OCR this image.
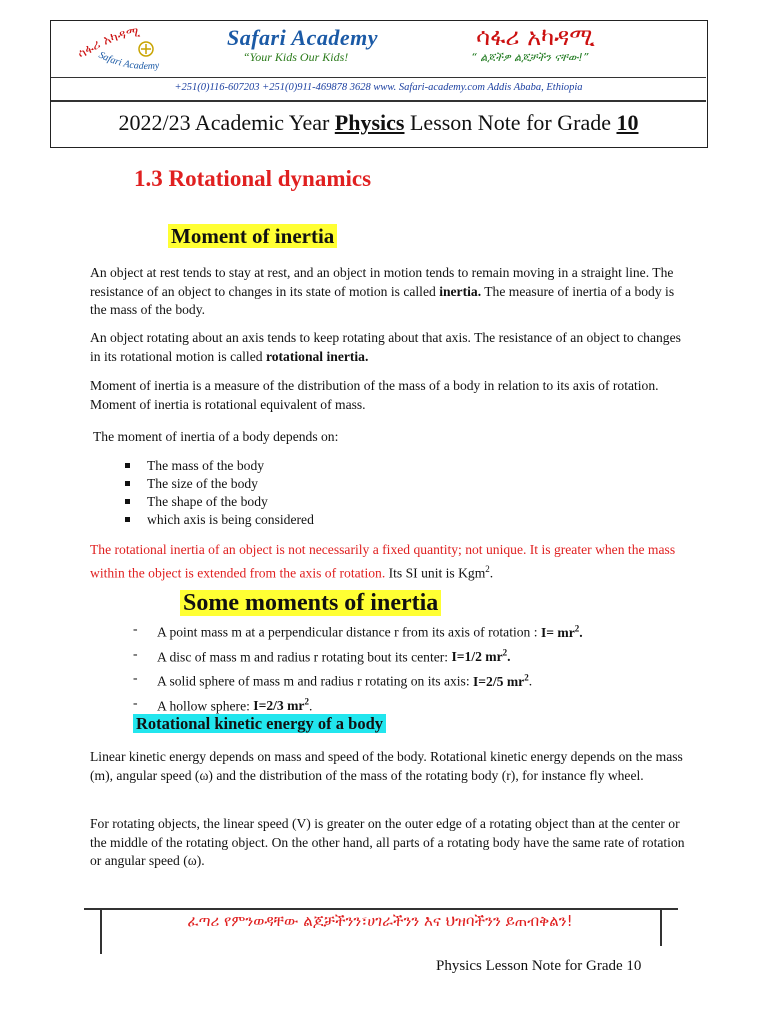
ሳፋሪ አካዳሚ
Safari Academy
Safari Academy
“Your Kids Our Kids!
ሳፋሪ አካዳሚ
“ ልጆችዎ ልጆቻችን ናቸው!”
+251(0)116-607203 +251(0)911-469878 3628 www. Safari-academy.com Addis Ababa, Ethiopia
2022/23 Academic Year Physics Lesson Note for Grade 10
1.3 Rotational dynamics
Moment of inertia
An object at rest tends to stay at rest, and an object in motion tends to remain moving in a straight line. The resistance of an object to changes in its state of motion is called inertia. The measure of inertia of a body is the mass of the body.
An object rotating about an axis tends to keep rotating about that axis. The resistance of an object to changes in its rotational motion is called rotational inertia.
Moment of inertia is a measure of the distribution of the mass of a body in relation to its axis of rotation. Moment of inertia is rotational equivalent of mass.
The moment of inertia of a body depends on:
The mass of the body
The size of the body
The shape of the body
which axis is being considered
The rotational inertia of an object is not necessarily a fixed quantity; not unique. It is greater when the mass within the object is extended from the axis of rotation. Its SI unit is Kgm$^2$.
Some moments of inertia
- A point mass m at a perpendicular distance r from its axis of rotation : $I= mr^2$.
- A disc of mass m and radius r rotating bout its center: I=1/2 $mr^2$.
- A solid sphere of mass m and radius r rotating on its axis: I=2/5 $mr^2$.
- A hollow sphere: I=2/3 $mr^2$.
Rotational kinetic energy of a body
Linear kinetic energy depends on mass and speed of the body. Rotational kinetic energy depends on the mass (m), angular speed (ω) and the distribution of the mass of the rotating body (r), for instance fly wheel.
For rotating objects, the linear speed (V) is greater on the outer edge of a rotating object than at the center or the middle of the rotating object. On the other hand, all parts of a rotating body have the same rate of rotation or angular speed (ω).
ፈጣሪ የምንወዳቸው ልጆቻችንን፣ሀገራችንን እና ህዝባችንን ይጠብቅልን!
Physics Lesson Note for Grade 10
